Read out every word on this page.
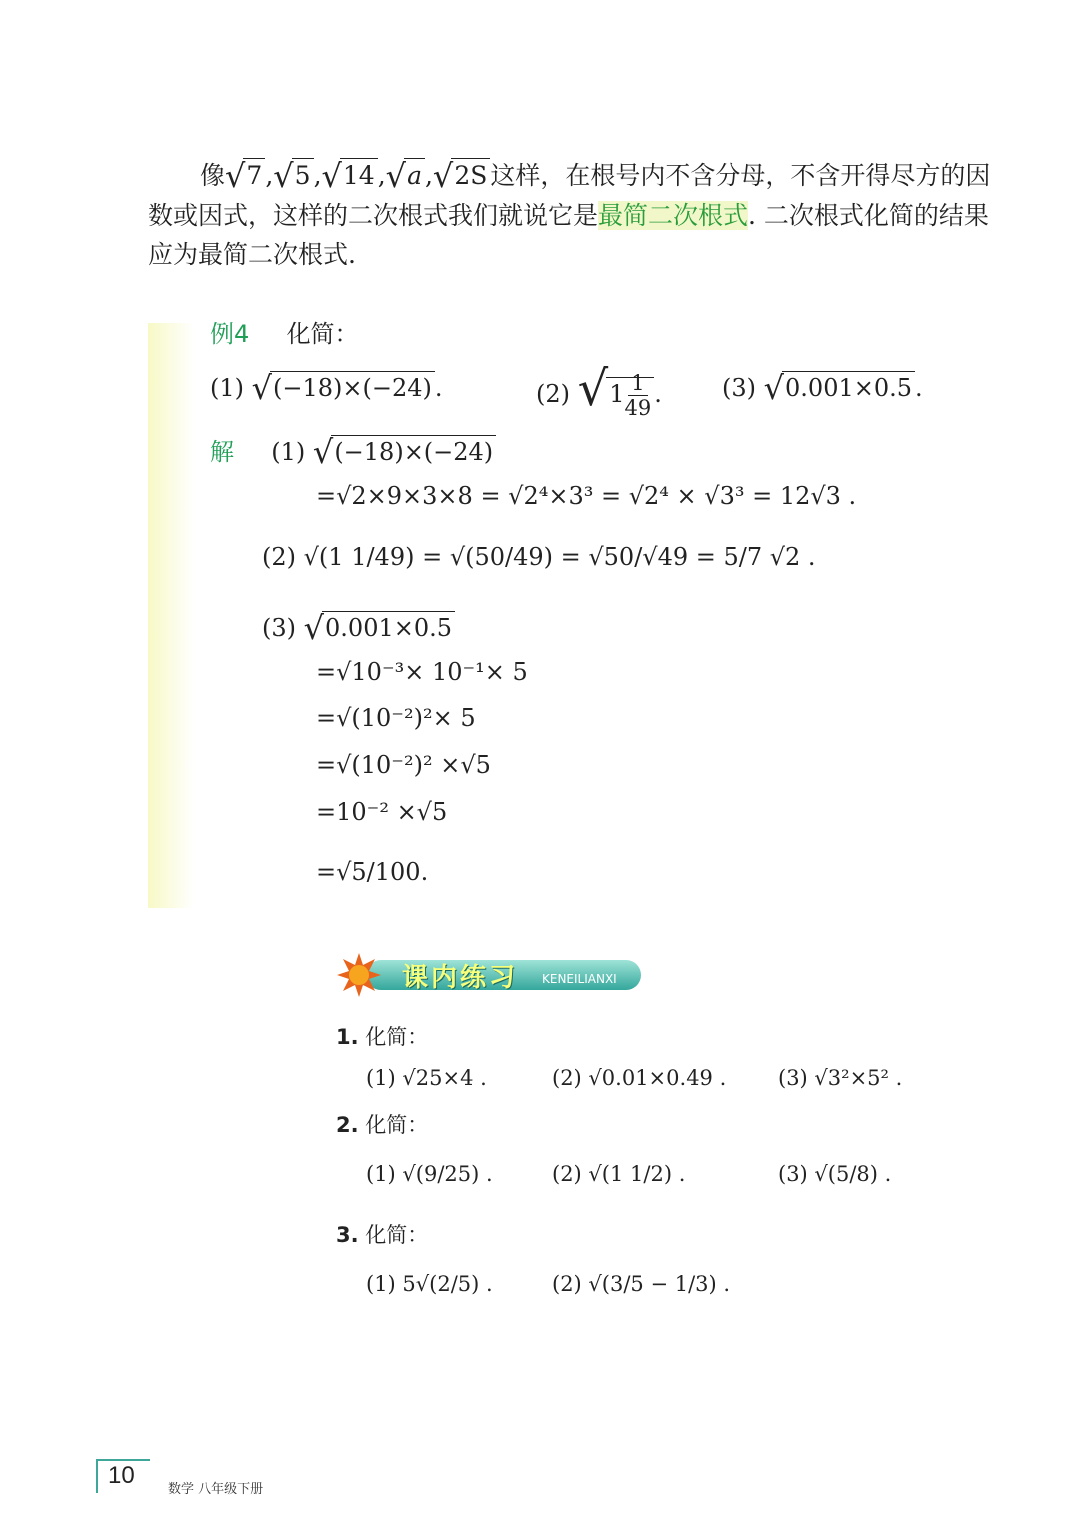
像√7 ,√5 ,√14 ,√a ,√2S 这样，在根号内不含分母，不含开得尽方的因数或因式，这样的二次根式我们就说它是最简二次根式. 二次根式化简的结果应为最简二次根式.
例4 化简：
(1) √(−18)×(−24) .	(2) $√1 \frac{1}{49}$ .	(3) √0.001×0.5 .
解 (1) √(−18)×(−24)
=√2×9×3×8 = √2⁴×3³ = √2⁴ × √3³ = 12√3 .
(2) √(1 1/49) = √(50/49) = √50/√49 = 5/7 √2 .
(3) √0.001×0.5
=√10⁻³× 10⁻¹× 5
=√(10⁻²)²× 5
=√(10⁻²)² ×√5
=10⁻² ×√5
=√5/100.
课内练习 KENEILIANXI
1. 化简：
(1) √25×4 .	(2) √0.01×0.49 . (3) √3²×5² .
2. 化简：
(1) √(9/25) .	(2) √(1 1/2) .	(3) √(5/8) .
3. 化简：
(1) 5√(2/5) .	(2) √(3/5 − 1/3) .
10
数学 八年级下册
